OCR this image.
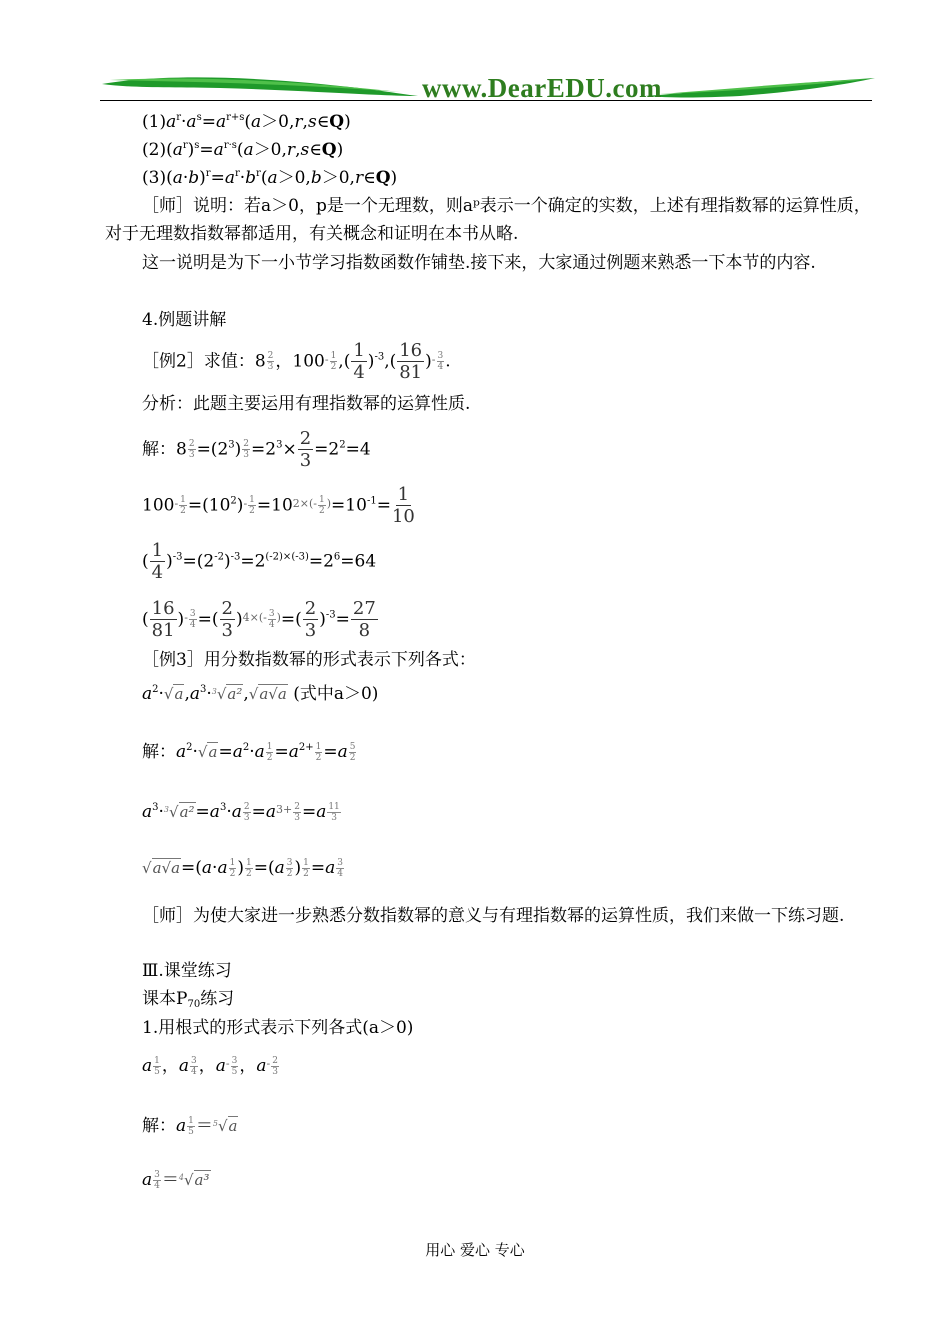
www.DearEDU.com
$(1)a^r\cdot a^s=a^{r+s}(a>0,r,s\in Q)$
$(2)(a^r)^s=a^{r\cdot s}(a>0,r,s\in Q)$
$(3)(a\cdot b)^r=a^r\cdot b^r(a>0,b>0,r\in Q)$
［师］说明：若a＞0，p是一个无理数，则aᵖ表示一个确定的实数，上述有理指数幂的运算性质，对于无理数指数幂都适用，有关概念和证明在本书从略.
这一说明是为下一小节学习指数函数作铺垫.接下来，大家通过例题来熟悉一下本节的内容.
4.例题讲解
［例2］求值：$8 \frac{2}{3}$ ，$100- \frac{1}{2}$ ,( $\frac{1}{4} )^{-3},( \frac{16}{81}$ )- $\frac{3}{4}$ .
分析：此题主要运用有理指数幂的运算性质.
解：$8 \frac{2}{3} =(2^3) \frac{2}{3} =2^3\times \frac{2}{3} =2^2=4$
$100- \frac{1}{2} =(10^2)- \frac{1}{2} =102\times(- \frac{1}{2} )=10^{-1}= \frac{1}{10}$
( $\frac{1}{4} )^{-3}=(2^{-2})^{-3}=2^{(-2)\times(-3)}=2^6=64$
( $\frac{16}{81}$ )- $\frac{3}{4}$ =( $\frac{2}{3} )4\times(- \frac{3}{4}$ )=( $\frac{2}{3} )^{-3}= \frac{27}{8}$
［例3］用分数指数幂的形式表示下列各式：
$a^2\cdot√a,a^3\cdot^3√a^2,√a√a$ (式中a＞0)
解：$a^2\cdot√a=a^2\cdot a \frac{1}{2} =a^{2+} \frac{1}{2} =a \frac{5}{2}$
$a^3\cdot^3√a^2=a^3\cdot a \frac{2}{3} =a3+ \frac{2}{3} =a \frac{11}{3}$
$√a√a=(a\cdot a \frac{1}{2}$ ) $\frac{1}{2} =(a \frac{3}{2}$ ) $\frac{1}{2} =a \frac{3}{4}$
［师］为使大家进一步熟悉分数指数幂的意义与有理指数幂的运算性质，我们来做一下练习题.
Ⅲ.课堂练习
课本$P_{70}$练习
1.用根式的形式表示下列各式(a＞0)
a $\frac{1}{5}$ ，a $\frac{3}{4}$ ，$a- \frac{3}{5}$ ，$a- \frac{2}{3}$
解：a $\frac{1}{5} =^5√a$
a $\frac{3}{4} =^4√a^3$
用心 爱心 专心
